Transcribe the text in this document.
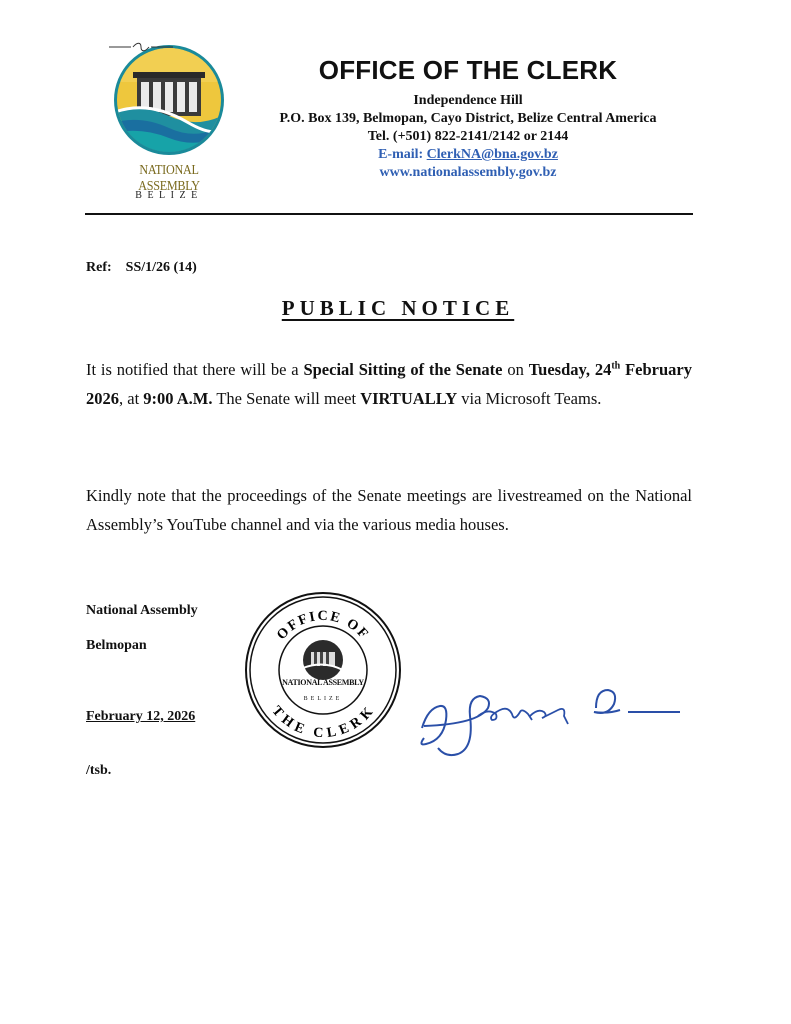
NATIONAL ASSEMBLY
BELIZE
OFFICE OF THE CLERK
Independence Hill
P.O. Box 139, Belmopan, Cayo District, Belize Central America
Tel. (+501) 822-2141/2142 or 2144
E-mail: ClerkNA@bna.gov.bz
www.nationalassembly.gov.bz
Ref: SS/1/26 (14)
PUBLIC NOTICE
It is notified that there will be a Special Sitting of the Senate on Tuesday, 24th February 2026, at 9:00 A.M. The Senate will meet VIRTUALLY via Microsoft Teams.
Kindly note that the proceedings of the Senate meetings are livestreamed on the National Assembly’s YouTube channel and via the various media houses.
National Assembly
Belmopan
February 12, 2026
/tsb.
OFFICE OF
THE CLERK
NATIONAL ASSEMBLY
BELIZE
